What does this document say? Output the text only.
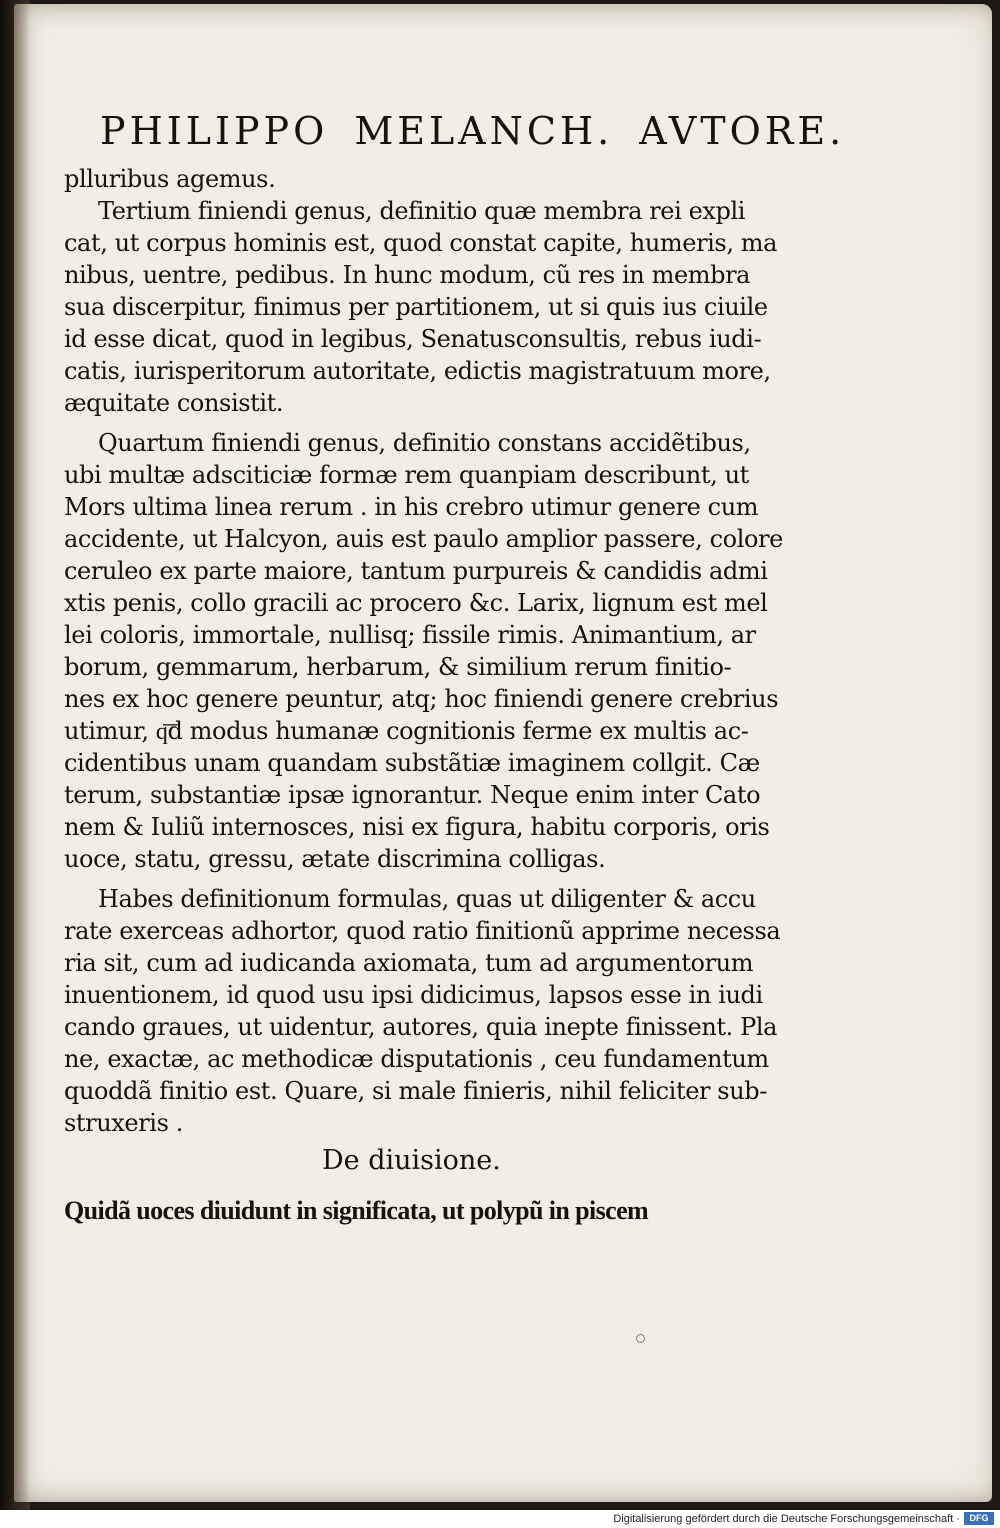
PHILIPPO MELANCH. AVTORE.
plluribus agemus.
Tertium finiendi genus, definitio quæ membra rei expli
cat, ut corpus hominis est, quod constat capite, humeris, ma
nibus, uentre, pedibus. In hunc modum, cũ res in membra
sua discerpitur, finimus per partitionem, ut si quis ius ciuile
id esse dicat, quod in legibus, Senatusconsultis, rebus iudi-
catis, iurisperitorum autoritate, edictis magistratuum more,
æquitate consistit.
Quartum finiendi genus, definitio constans accidẽtibus,
ubi multæ adsciticiæ formæ rem quanpiam describunt, ut
Mors ultima linea rerum . in his crebro utimur genere cum
accidente, ut Halcyon, auis est paulo amplior passere, colore
ceruleo ex parte maiore, tantum purpureis & candidis admi
xtis penis, collo gracili ac procero &c. Larix, lignum est mel
lei coloris, immortale, nullisq; fissile rimis. Animantium, ar
borum, gemmarum, herbarum, & similium rerum finitio-
nes ex hoc genere peuntur, atq; hoc finiendi genere crebrius
utimur, q͞d modus humanæ cognitionis ferme ex multis ac-
cidentibus unam quandam substãtiæ imaginem collgit. Cæ
terum, substantiæ ipsæ ignorantur. Neque enim inter Cato
nem & Iuliũ internosces, nisi ex figura, habitu corporis, oris
uoce, statu, gressu, ætate discrimina colligas.
Habes definitionum formulas, quas ut diligenter & accu
rate exerceas adhortor, quod ratio finitionũ apprime necessa
ria sit, cum ad iudicanda axiomata, tum ad argumentorum
inuentionem, id quod usu ipsi didicimus, lapsos esse in iudi
cando graues, ut uidentur, autores, quia inepte finissent. Pla
ne, exactæ, ac methodicæ disputationis , ceu fundamentum
quoddã finitio est. Quare, si male finieris, nihil feliciter sub-
struxeris .
De diuisione.
Quidã uoces diuidunt in significata, ut polypũ in piscem
Digitalisierung gefördert durch die Deutsche Forschungsgemeinschaft ·	DFG
